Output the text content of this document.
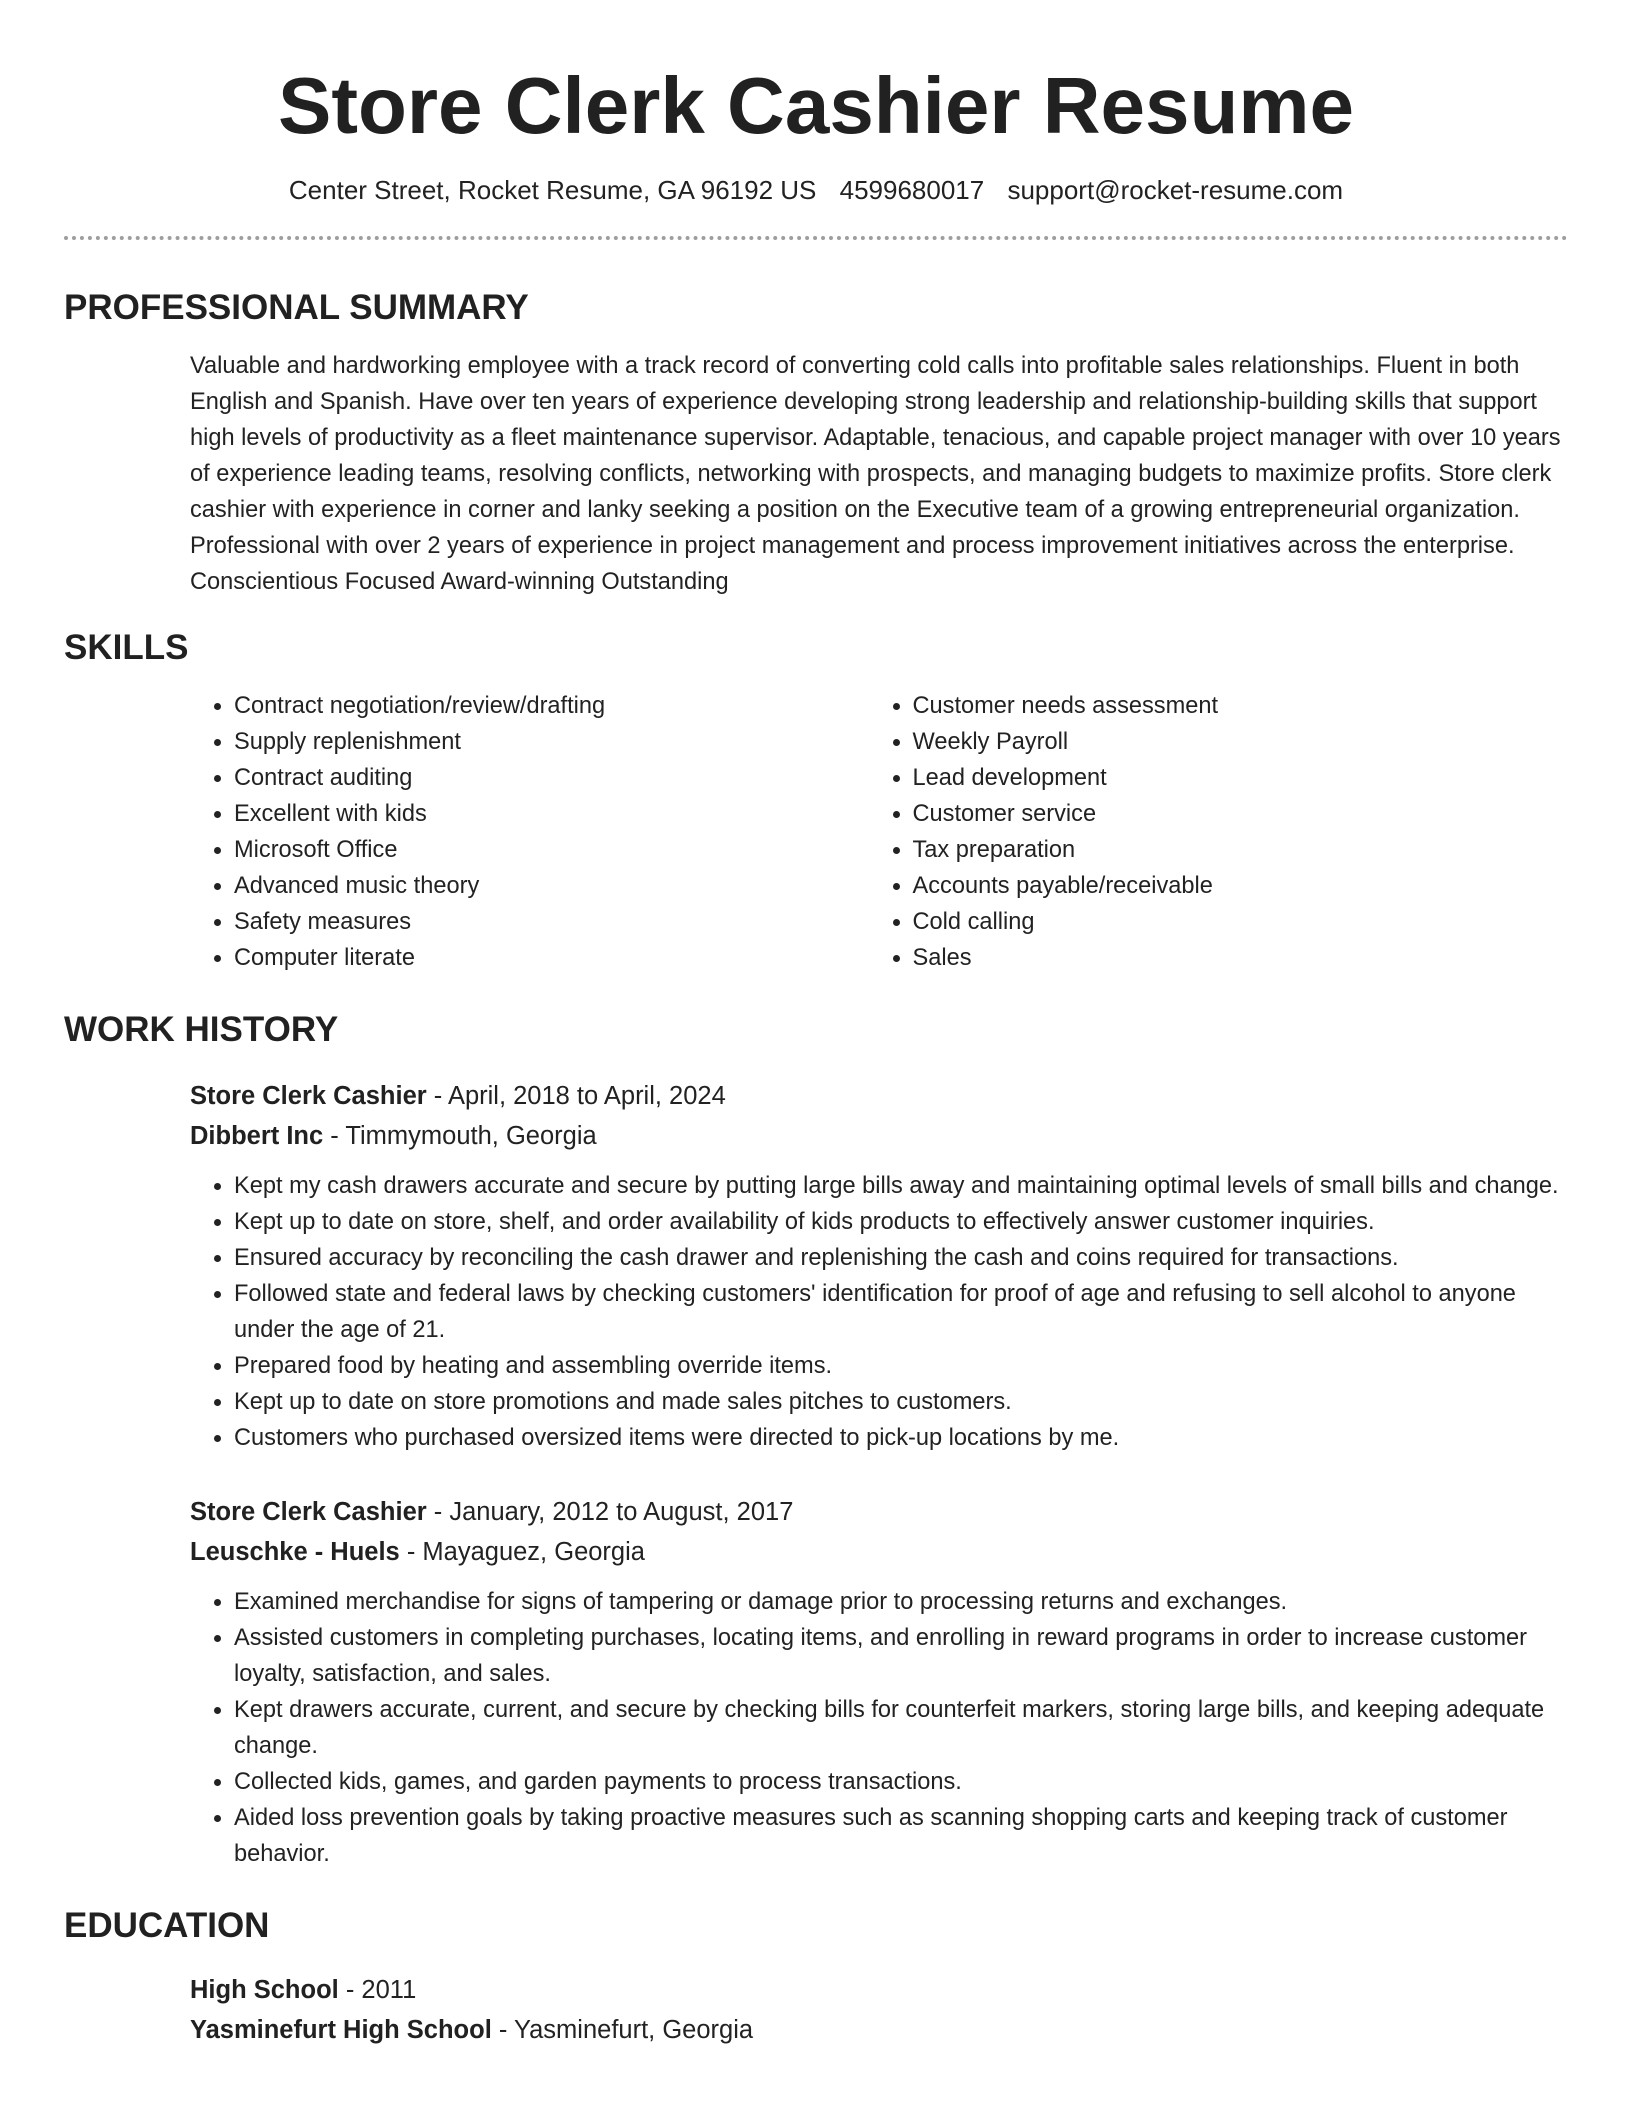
Store Clerk Cashier Resume
Center Street, Rocket Resume, GA 96192 US 4599680017 support@rocket-resume.com
PROFESSIONAL SUMMARY

Valuable and hardworking employee with a track record of converting cold calls into profitable sales relationships. Fluent in both English and Spanish. Have over ten years of experience developing strong leadership and relationship-building skills that support high levels of productivity as a fleet maintenance supervisor. Adaptable, tenacious, and capable project manager with over 10 years of experience leading teams, resolving conflicts, networking with prospects, and managing budgets to maximize profits. Store clerk cashier with experience in corner and lanky seeking a position on the Executive team of a growing entrepreneurial organization. Professional with over 2 years of experience in project management and process improvement initiatives across the enterprise. Conscientious Focused Award-winning Outstanding

SKILLS
• Contract negotiation/review/drafting
• Supply replenishment
• Contract auditing
• Excellent with kids
• Microsoft Office
• Advanced music theory
• Safety measures
• Computer literate
• Customer needs assessment
• Weekly Payroll
• Lead development
• Customer service
• Tax preparation
• Accounts payable/receivable
• Cold calling
• Sales
WORK HISTORY
Store Clerk Cashier - April, 2018 to April, 2024
Dibbert Inc - Timmymouth, Georgia
• Kept my cash drawers accurate and secure by putting large bills away and maintaining optimal levels of small bills and change.
• Kept up to date on store, shelf, and order availability of kids products to effectively answer customer inquiries.
• Ensured accuracy by reconciling the cash drawer and replenishing the cash and coins required for transactions.
• Followed state and federal laws by checking customers' identification for proof of age and refusing to sell alcohol to anyone under the age of 21.
• Prepared food by heating and assembling override items.
• Kept up to date on store promotions and made sales pitches to customers.
• Customers who purchased oversized items were directed to pick-up locations by me.
Store Clerk Cashier - January, 2012 to August, 2017
Leuschke - Huels - Mayaguez, Georgia
• Examined merchandise for signs of tampering or damage prior to processing returns and exchanges.
• Assisted customers in completing purchases, locating items, and enrolling in reward programs in order to increase customer loyalty, satisfaction, and sales.
• Kept drawers accurate, current, and secure by checking bills for counterfeit markers, storing large bills, and keeping adequate change.
• Collected kids, games, and garden payments to process transactions.
• Aided loss prevention goals by taking proactive measures such as scanning shopping carts and keeping track of customer behavior.
EDUCATION
High School - 2011
Yasminefurt High School - Yasminefurt, Georgia
